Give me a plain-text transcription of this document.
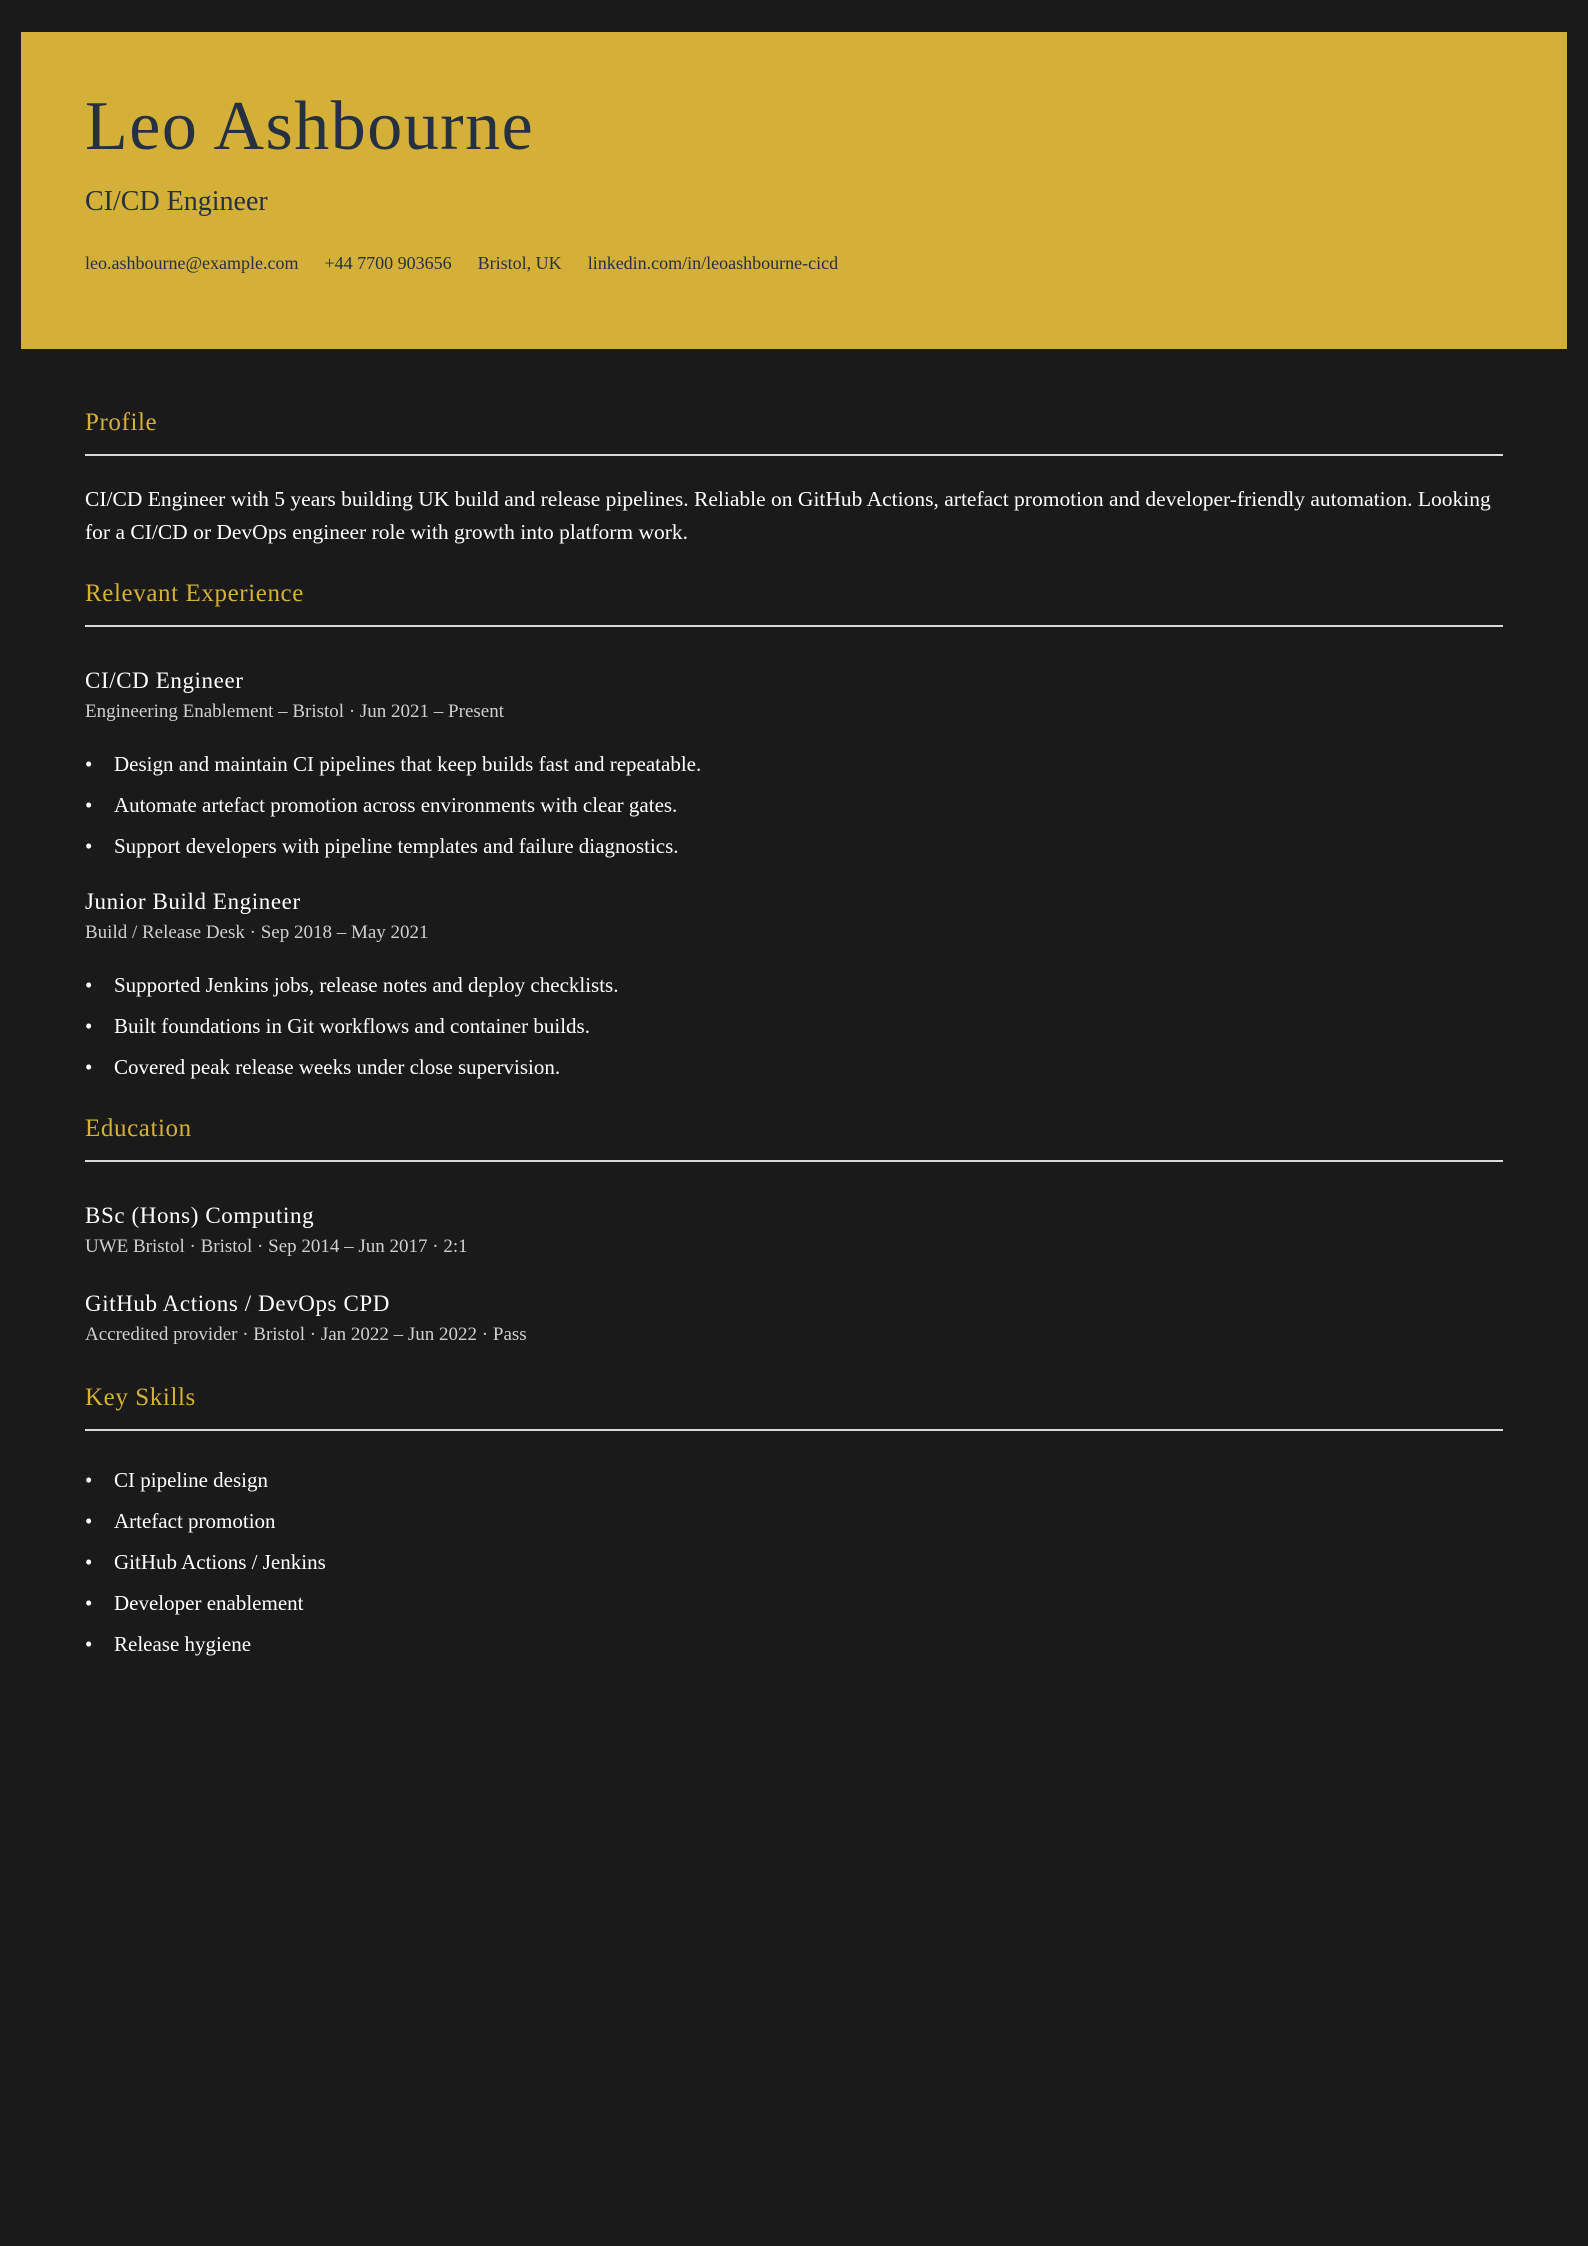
Leo Ashbourne
CI/CD Engineer
leo.ashbourne@example.com +44 7700 903656 Bristol, UK linkedin.com/in/leoashbourne-cicd
Profile

CI/CD Engineer with 5 years building UK build and release pipelines. Reliable on GitHub Actions, artefact promotion and developer-friendly automation. Looking for a CI/CD or DevOps engineer role with growth into platform work.

Relevant Experience
CI/CD Engineer

Engineering Enablement – Bristol · Jun 2021 – Present

• Design and maintain CI pipelines that keep builds fast and repeatable.
• Automate artefact promotion across environments with clear gates.
• Support developers with pipeline templates and failure diagnostics.
Junior Build Engineer

Build / Release Desk · Sep 2018 – May 2021

• Supported Jenkins jobs, release notes and deploy checklists.
• Built foundations in Git workflows and container builds.
• Covered peak release weeks under close supervision.
Education
BSc (Hons) Computing

UWE Bristol · Bristol · Sep 2014 – Jun 2017 · 2:1

GitHub Actions / DevOps CPD

Accredited provider · Bristol · Jan 2022 – Jun 2022 · Pass

Key Skills
• CI pipeline design
• Artefact promotion
• GitHub Actions / Jenkins
• Developer enablement
• Release hygiene
